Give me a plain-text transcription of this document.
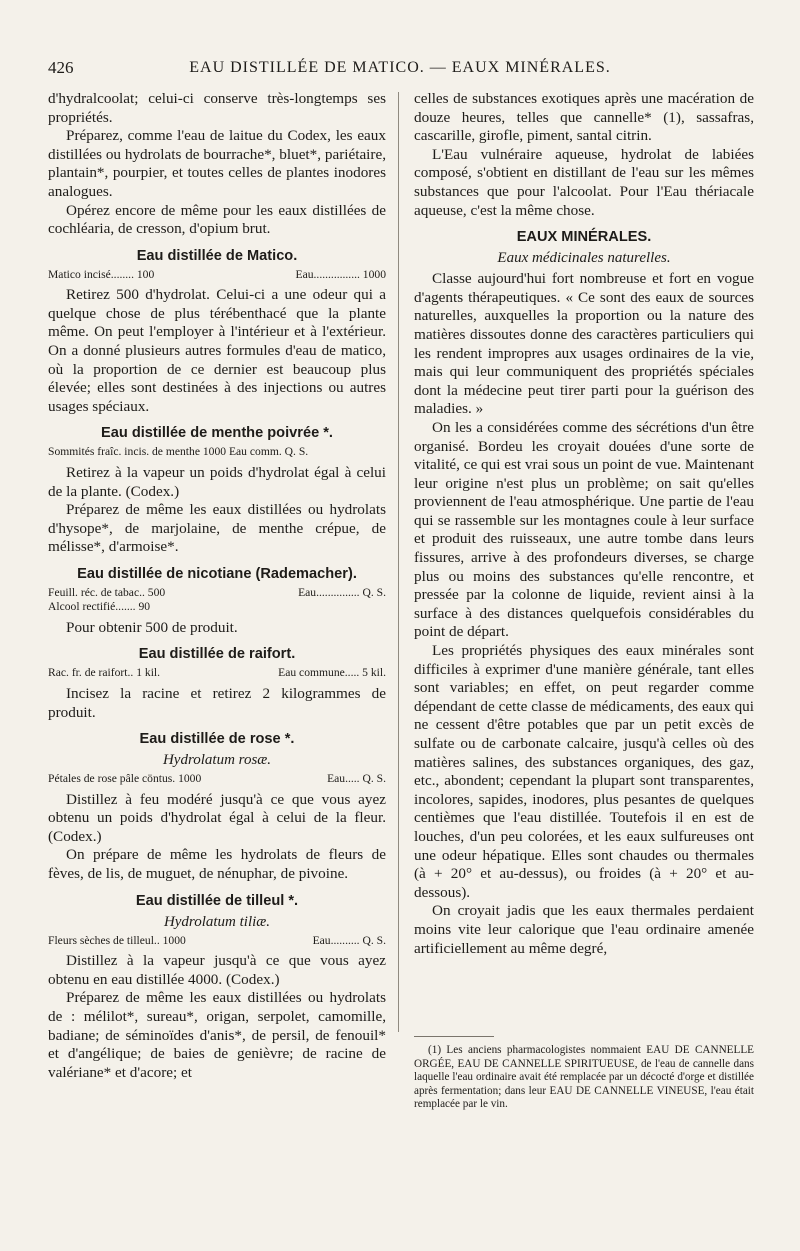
426	EAU DISTILLÉE DE MATICO. — EAUX MINÉRALES.

d'hydralcoolat; celui-ci conserve très-longtemps ses propriétés.

Préparez, comme l'eau de laitue du Codex, les eaux distillées ou hydrolats de bourrache*, bluet*, pariétaire, plantain*, pourpier, et toutes celles de plantes inodores analogues.

Opérez encore de même pour les eaux distillées de cochléaria, de cresson, d'opium brut.

Eau distillée de Matico.
Matico incisé........ 100	Eau................ 1000

Retirez 500 d'hydrolat. Celui-ci a une odeur qui a quelque chose de plus térébenthacé que la plante même. On peut l'employer à l'intérieur et à l'extérieur. On a donné plusieurs autres formules d'eau de matico, où la proportion de ce dernier est beaucoup plus élevée; elles sont destinées à des injections ou autres usages spéciaux.

Eau distillée de menthe poivrée *.
Sommités fraîc. incis. de menthe 1000 Eau comm. Q. S.

Retirez à la vapeur un poids d'hydrolat égal à celui de la plante. (Codex.)

Préparez de même les eaux distillées ou hydrolats d'hysope*, de marjolaine, de menthe crépue, de mélisse*, d'armoise*.

Eau distillée de nicotiane (Rademacher).
Feuill. réc. de tabac.. 500	Eau............... Q. S.
Alcool rectifié....... 90

Pour obtenir 500 de produit.

Eau distillée de raifort.
Rac. fr. de raifort.. 1 kil.	Eau commune..... 5 kil.

Incisez la racine et retirez 2 kilogrammes de produit.

Eau distillée de rose *.
Hydrolatum rosæ.
Pétales de rose pâle cöntus. 1000	Eau..... Q. S.

Distillez à feu modéré jusqu'à ce que vous ayez obtenu un poids d'hydrolat égal à celui de la fleur. (Codex.)

On prépare de même les hydrolats de fleurs de fèves, de lis, de muguet, de nénuphar, de pivoine.

Eau distillée de tilleul *.
Hydrolatum tiliæ.
Fleurs sèches de tilleul.. 1000	Eau.......... Q. S.

Distillez à la vapeur jusqu'à ce que vous ayez obtenu en eau distillée 4000. (Codex.)

Préparez de même les eaux distillées ou hydrolats de : mélilot*, sureau*, origan, serpolet, camomille, badiane; de séminoïdes d'anis*, de persil, de fenouil* et d'angélique; de baies de genièvre; de racine de valériane* et d'acore; et

celles de substances exotiques après une macération de douze heures, telles que cannelle* (1), sassafras, cascarille, girofle, piment, santal citrin.

L'Eau vulnéraire aqueuse, hydrolat de labiées composé, s'obtient en distillant de l'eau sur les mêmes substances que pour l'alcoolat. Pour l'Eau thériacale aqueuse, c'est la même chose.

EAUX MINÉRALES.
Eaux médicinales naturelles.

Classe aujourd'hui fort nombreuse et fort en vogue d'agents thérapeutiques. « Ce sont des eaux de sources naturelles, auxquelles la proportion ou la nature des matières dissoutes donne des caractères particuliers qui les rendent impropres aux usages ordinaires de la vie, mais qui leur communiquent des propriétés spéciales dont la médecine peut tirer parti pour la guérison des maladies. »

On les a considérées comme des sécrétions d'un être organisé. Bordeu les croyait douées d'une sorte de vitalité, ce qui est vrai sous un point de vue. Maintenant leur origine n'est plus un problème; on sait qu'elles proviennent de l'eau atmosphérique. Une partie de l'eau qui se rassemble sur les montagnes coule à leur surface et produit des ruisseaux, une autre tombe dans leurs fissures, arrive à des profondeurs diverses, se charge plus ou moins des substances qu'elle rencontre, et pressée par la colonne de liquide, revient ainsi à la surface à des distances quelquefois considérables du point de départ.

Les propriétés physiques des eaux minérales sont difficiles à exprimer d'une manière générale, tant elles sont variables; en effet, on peut regarder comme dépendant de cette classe de médicaments, des eaux qui ne cessent d'être potables que par un petit excès de sulfate ou de carbonate calcaire, jusqu'à celles où des matières salines, des substances organiques, des gaz, etc., abondent; cependant la plupart sont transparentes, incolores, sapides, inodores, plus pesantes de quelques centièmes que l'eau distillée. Toutefois il en est de louches, d'un peu colorées, et les eaux sulfureuses ont une odeur hépatique. Elles sont chaudes ou thermales (à + 20° et au-dessus), ou froides (à + 20° et au-dessous).

On croyait jadis que les eaux thermales perdaient moins vite leur calorique que l'eau ordinaire amenée artificiellement au même degré,

(1) Les anciens pharmacologistes nommaient EAU DE CANNELLE ORGÉE, EAU DE CANNELLE SPIRITUEUSE, de l'eau de cannelle dans laquelle l'eau ordinaire avait été remplacée par un décocté d'orge et distillée après fermentation; dans leur EAU DE CANNELLE VINEUSE, l'eau était remplacée par le vin.
